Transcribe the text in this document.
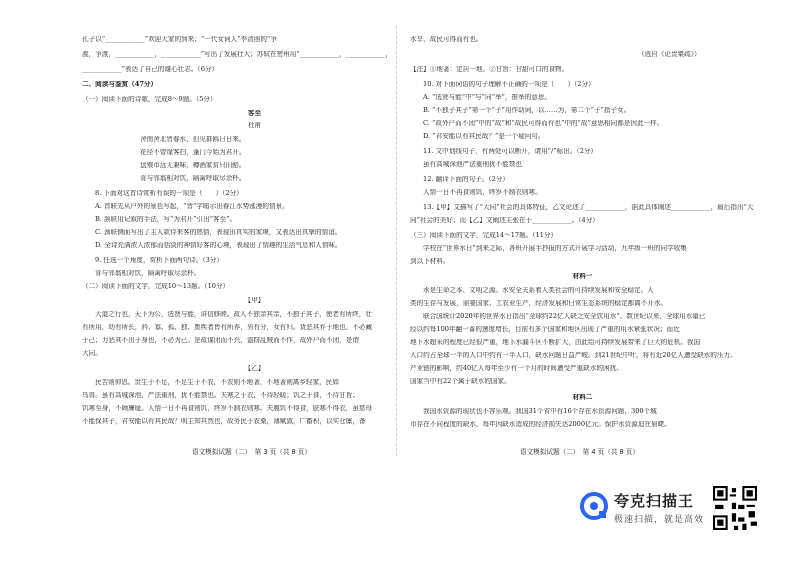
孔子以“____________”欢迎大家的到来；“一代女词人”李清照的“争
渡，争渡，____________，____________”写出了发展壮大；苏轼在密州用“____________，____________，
____________”表达了自己的雄心壮志。（6分）
二、阅读与鉴赏（47分）
（一）阅读下面的诗歌，完成8～9题。（5分）
客至
杜甫
舍南舍北皆春水，但见群鸥日日来。
花径不曾缘客扫，蓬门今始为君开。
盘飧市远无兼味，樽酒家贫只旧醅。
肯与邻翁相对饮，隔篱呼取尽余杯。
8. 下面对这首诗赏析有误的一项是（　　）（2分）
A. 首联先从户外的景色写起，“皆”字暗示出春江水势涨漫的情景。
B. 颔联用记叙的手法，写“为君开”引出“客至”。
C. 颈联侧面写出了主人款待来客的热情，表现出真实的家境，又表达出真挚的情谊。
D. 全诗充满浓人浓郁而恬淡的神情好客的心境，表现出了情趣的生活气息和人情味。
9. 任选一个角度，赏析下面两句诗。（3分）
肯与邻翁相对饮，隔篱呼取尽余杯。
（二）阅读下面的文字，完成10～13题。（10分）
【甲】
大道之行也，天下为公，选贤与能，讲信修睦。故人不独亲其亲，不独子其子，使老有所终，壮
有所用，幼有所长，矜、寡、孤、独、废疾者皆有所养，男有分，女有归。货恶其弃于地也，不必藏
于己；力恶其不出于身也，不必为己。是故谋闭而不兴，盗窃乱贼而不作，故外户而不闭，是谓
大同。
【乙】
民苦则仰恩。贵生于不足，不足生于不农，不农则不地著，不地著则离乡轻家，民如
鸟兽。虽有高城深池，严法重刑，犹不能禁也。夫寒之于衣，不待轻暖；饥之于食，不待甘旨；
饥寒至身，不顾廉耻。人情一日不再食则饥，终岁不制衣则寒。夫腹饥不得食，肤寒不得衣，虽慈母
不能保其子，君安能以有其民哉？明主知其然也，故务民于农桑，薄赋敛，广畜积，以实仓廪，备
语文模拟试题（二）　第 3 页（共 8 页）
水旱，故民可得而有也。
（选自《论贵粟疏》）
【注】①地著：定居一地。②甘旨：甘甜可口的食物。
10. 对下面词语的句子理解不正确的一项是（　　）（2分）
A. “选贤与能”中“与”同“举”，推举的意思。
B. “不独子其子”第一个“子”用作动词，以……为，第二个“子”指子女。
C. “故外户而不闭”中的“故”和“故民可得而有也”中的“故”意思相同都是因此一样。
D. “君安能以有其民哉？”是一个疑问句。
11. 文中划线句子，有两处可以断开，请用“/”标出。（2分）
虽有高城深池严法重刑犹不能禁也
12. 翻译下面的句子。（2分）
人情一日不再食则饥，终岁不制衣则寒。
13.【甲】文描写了“大同”社会的具体特征，乙文论述了____________，据此具体阐述____________，最后指出“大
同”社会的美好；而【乙】文阐述主张在于____________。（4分）
（三）阅读下面的文字，完成14～17题。（11分）
学校在“世界水日”到来之际，各班开展手抄报的方式开展学习活动，九年级一班的同学收集
到以下材料。
材料一
水是生命之本、文明之源。水安全关系着人类社会的可持续发展和安全稳定。人
类的生存与发展，需要国家、工农业生产，经济发展和日常生态系统的稳定都离不开水。
联合国统计2020年的世界水日指出“全球约22亿人缺乏安全饮用水”。数世纪以来，全球用水量已
经以约每100年翻一番的速度增长，目前有多个国家和地区出现了严重的用水紧张状况；而近
地下水超采的程度已经很严重，地下水漏斗区不断扩大，由此给可持续发展带来了巨大的危机。我国
人口约占全球一半的人口中约有一半人口，缺水问题日益严峻。到21世纪中叶，将有近20亿人遭受缺水的压力。
产业链的影响，约40亿人每年至少有一个月的时间遭受严重缺水的困扰。
国家当中有22个属于缺水的国家。
材料二
我国水资源的现状也不容乐观。我国31个省中有16个存在水资源问题，300个城
市存在不同程度的缺水，每年因缺水造成的经济损失达2000亿元。保护水资源迫在眉睫。
语文模拟试题（二）　第 4 页（共 8 页）
夸克扫描王
极速扫描，就是高效
